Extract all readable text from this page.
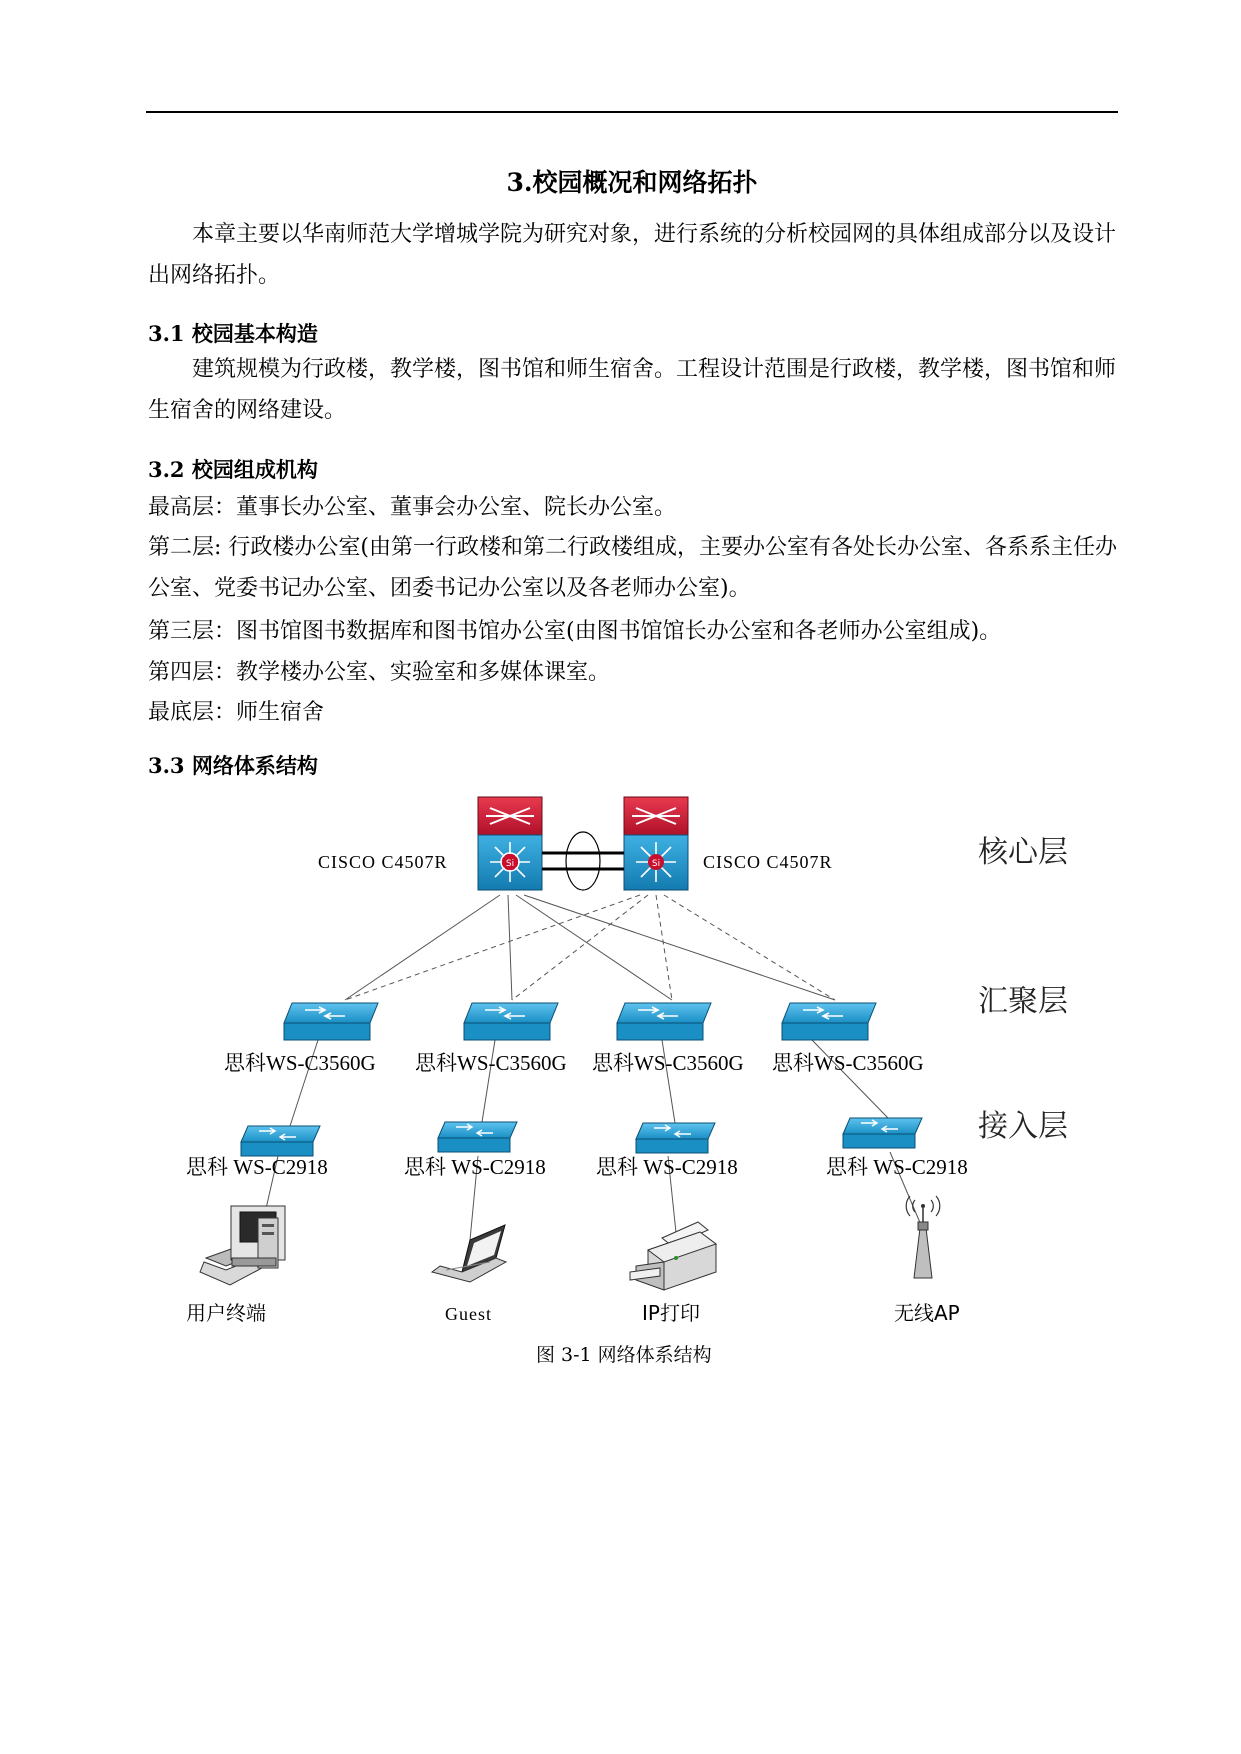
3.校园概况和网络拓扑
本章主要以华南师范大学增城学院为研究对象，进行系统的分析校园网的具体组成部分以及设计出网络拓扑。
3.1 校园基本构造
建筑规模为行政楼，教学楼，图书馆和师生宿舍。工程设计范围是行政楼，教学楼，图书馆和师生宿舍的网络建设。
3.2 校园组成机构
最高层：董事长办公室、董事会办公室、院长办公室。
第二层: 行政楼办公室(由第一行政楼和第二行政楼组成，主要办公室有各处长办公室、各系系主任办公室、党委书记办公室、团委书记办公室以及各老师办公室)。
第三层：图书馆图书数据库和图书馆办公室(由图书馆馆长办公室和各老师办公室组成)。
第四层：教学楼办公室、实验室和多媒体课室。
最底层：师生宿舍
3.3 网络体系结构
Si	Si
CISCO C4507R	CISCO C4507R	核心层
汇聚层
接入层
思科WS-C3560G 思科WS-C3560G 思科WS-C3560G 思科WS-C3560G
思科 WS-C2918	思科 WS-C2918 思科 WS-C2918	思科 WS-C2918
用户终端	Guest	IP打印	无线AP
图 3-1 网络体系结构
